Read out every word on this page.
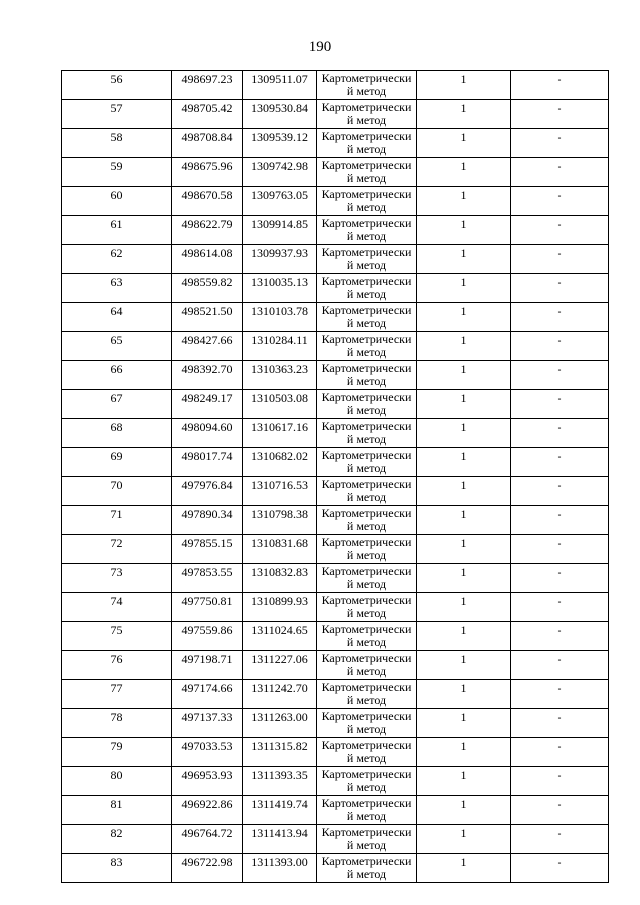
190
56	498697.23	1309511.07	Картометрически й метод	1	-
57	498705.42	1309530.84	Картометрически й метод	1	-
58	498708.84	1309539.12	Картометрически й метод	1	-
59	498675.96	1309742.98	Картометрически й метод	1	-
60	498670.58	1309763.05	Картометрически й метод	1	-
61	498622.79	1309914.85	Картометрически й метод	1	-
62	498614.08	1309937.93	Картометрически й метод	1	-
63	498559.82	1310035.13	Картометрически й метод	1	-
64	498521.50	1310103.78	Картометрически й метод	1	-
65	498427.66	1310284.11	Картометрически й метод	1	-
66	498392.70	1310363.23	Картометрически й метод	1	-
67	498249.17	1310503.08	Картометрически й метод	1	-
68	498094.60	1310617.16	Картометрически й метод	1	-
69	498017.74	1310682.02	Картометрически й метод	1	-
70	497976.84	1310716.53	Картометрически й метод	1	-
71	497890.34	1310798.38	Картометрически й метод	1	-
72	497855.15	1310831.68	Картометрически й метод	1	-
73	497853.55	1310832.83	Картометрически й метод	1	-
74	497750.81	1310899.93	Картометрически й метод	1	-
75	497559.86	1311024.65	Картометрически й метод	1	-
76	497198.71	1311227.06	Картометрически й метод	1	-
77	497174.66	1311242.70	Картометрически й метод	1	-
78	497137.33	1311263.00	Картометрически й метод	1	-
79	497033.53	1311315.82	Картометрически й метод	1	-
80	496953.93	1311393.35	Картометрически й метод	1	-
81	496922.86	1311419.74	Картометрически й метод	1	-
82	496764.72	1311413.94	Картометрически й метод	1	-
83	496722.98	1311393.00	Картометрически й метод	1	-
